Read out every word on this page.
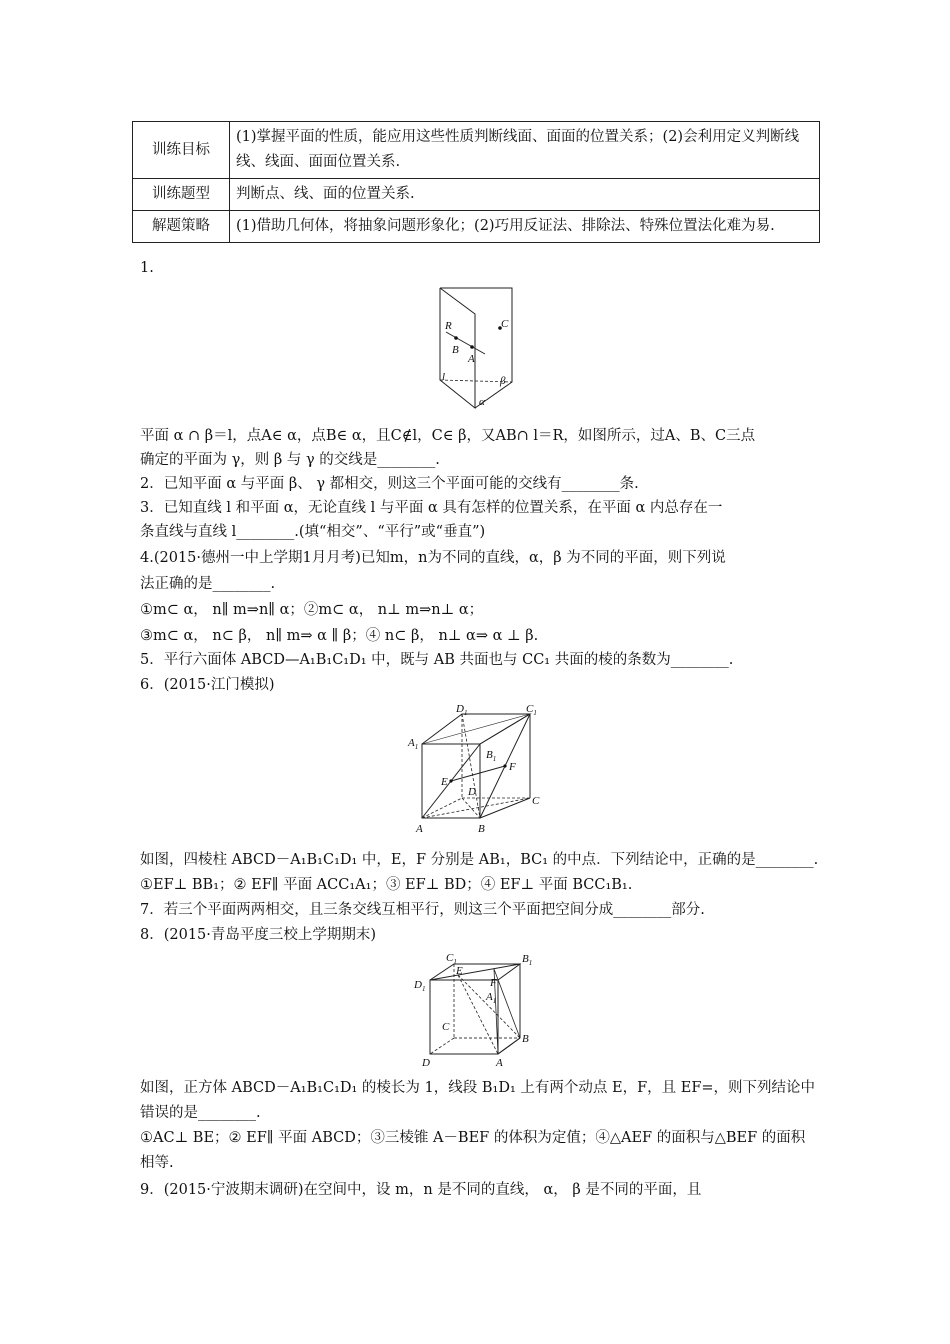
训练目标	(1)掌握平面的性质，能应用这些性质判断线面、面面的位置关系；(2)会利用定义判断线线、线面、面面位置关系.
训练题型	判断点、线、面的位置关系.
解题策略	(1)借助几何体，将抽象问题形象化；(2)巧用反证法、排除法、特殊位置法化难为易.
1.
R
B
A
C
l	β
α
平面 α ∩ β＝l，点A∈ α，点B∈ α，且C∉l，C∈ β，又AB∩ l＝R，如图所示，过A、B、C三点
确定的平面为 γ，则 β 与 γ 的交线是________.
2．已知平面 α 与平面 β、 γ 都相交，则这三个平面可能的交线有________条.
3．已知直线 l 和平面 α，无论直线 l 与平面 α 具有怎样的位置关系，在平面 α 内总存在一
条直线与直线 l________.(填“相交”、“平行”或“垂直”)
4.(2015·德州一中上学期1月月考)已知m，n为不同的直线，α，β 为不同的平面，则下列说
法正确的是________.
①m⊂ α， n∥ m⇒n∥ α；②m⊂ α， n⊥ m⇒n⊥ α；
③m⊂ α， n⊂ β， n∥ m⇒ α ∥ β；④ n⊂ β， n⊥ α⇒ α ⊥ β.
5．平行六面体 ABCD—A₁B₁C₁D₁ 中，既与 AB 共面也与 CC₁ 共面的棱的条数为________.
6．(2015·江门模拟)
$D_1$	$C_1$
$A_1$
$B_1$
E
F
D
C
A	B
如图，四棱柱 ABCD－A₁B₁C₁D₁ 中，E，F 分别是 AB₁，BC₁ 的中点．下列结论中，正确的是________.
①EF⊥ BB₁；② EF∥ 平面 ACC₁A₁；③ EF⊥ BD；④ EF⊥ 平面 BCC₁B₁.
7．若三个平面两两相交，且三条交线互相平行，则这三个平面把空间分成________部分.
8．(2015·青岛平度三校上学期期末)
$C_1$
E
$B_1$
$D_1$	F
$A_1$
C
B
D	A
如图，正方体 ABCD－A₁B₁C₁D₁ 的棱长为 1，线段 B₁D₁ 上有两个动点 E，F，且 EF=，则下列结论中
错误的是________.
①AC⊥ BE；② EF∥ 平面 ABCD；③三棱锥 A－BEF 的体积为定值；④△AEF 的面积与△BEF 的面积
相等.
9．(2015·宁波期末调研)在空间中，设 m，n 是不同的直线， α， β 是不同的平面，且
